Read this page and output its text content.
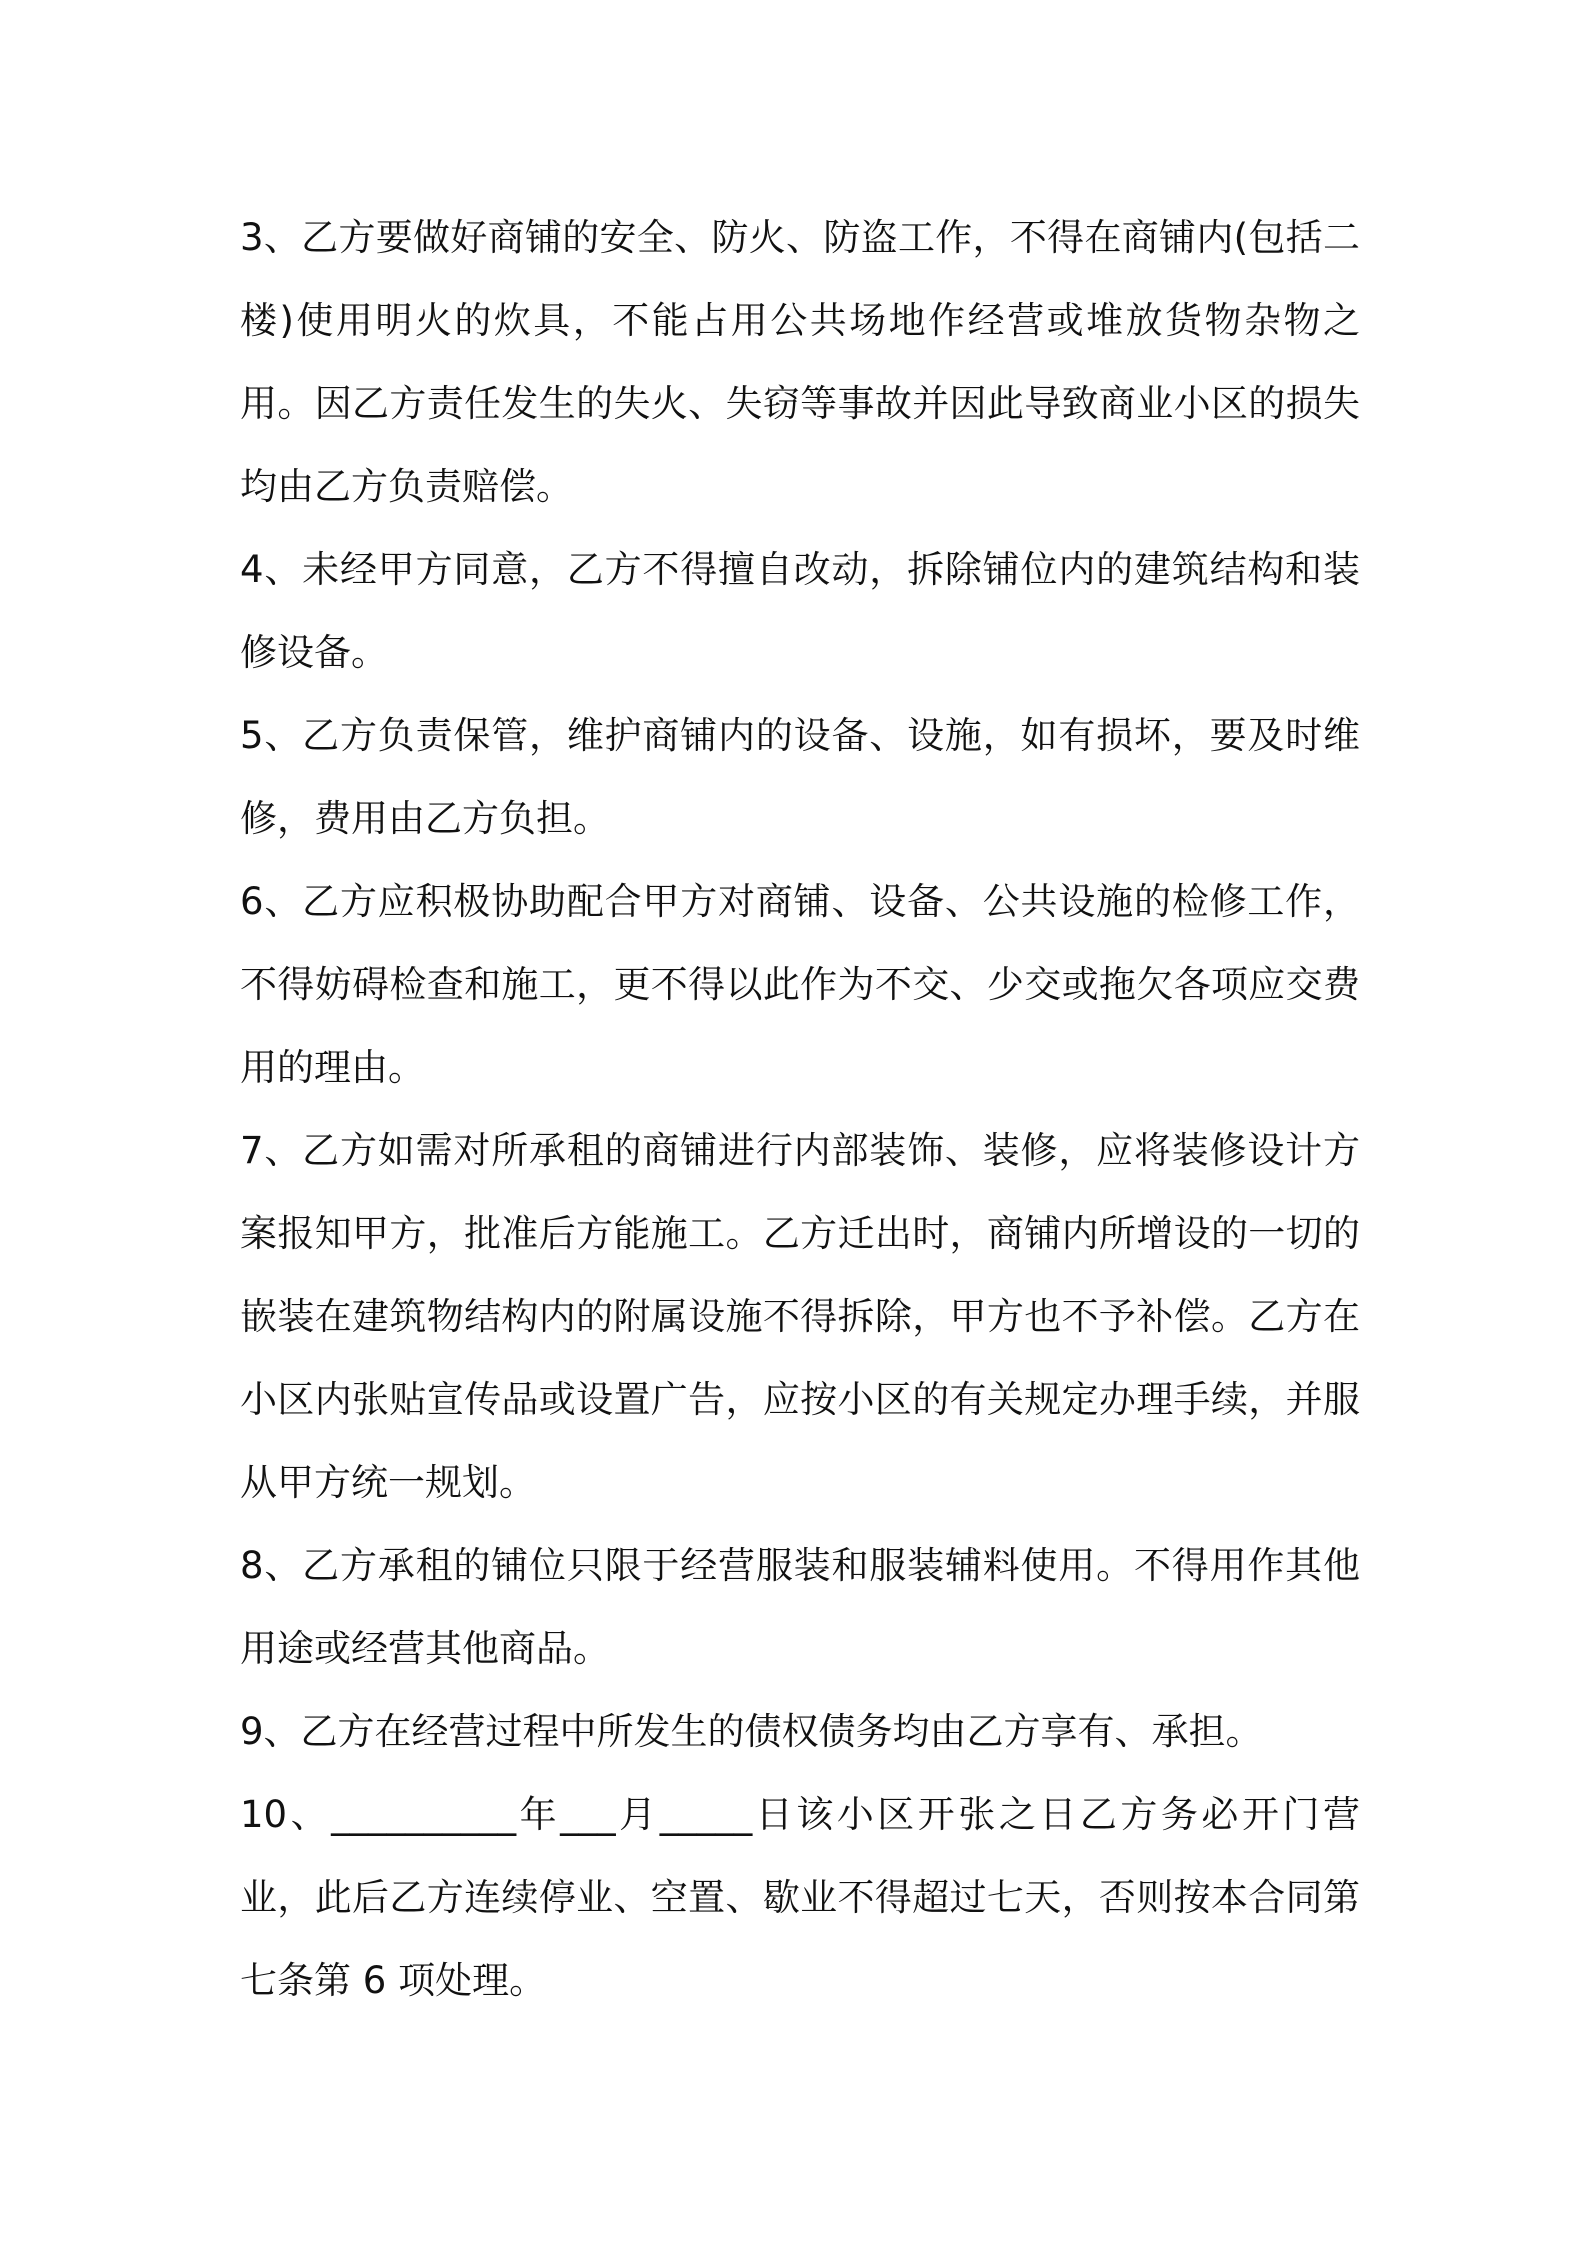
3、乙方要做好商铺的安全、防火、防盗工作，不得在商铺内(包括二楼)使用明火的炊具，不能占用公共场地作经营或堆放货物杂物之用。因乙方责任发生的失火、失窃等事故并因此导致商业小区的损失均由乙方负责赔偿。

4、未经甲方同意，乙方不得擅自改动，拆除铺位内的建筑结构和装修设备。

5、乙方负责保管，维护商铺内的设备、设施，如有损坏，要及时维修，费用由乙方负担。

6、乙方应积极协助配合甲方对商铺、设备、公共设施的检修工作，不得妨碍检查和施工，更不得以此作为不交、少交或拖欠各项应交费用的理由。

7、乙方如需对所承租的商铺进行内部装饰、装修，应将装修设计方案报知甲方，批准后方能施工。乙方迁出时，商铺内所增设的一切的嵌装在建筑物结构内的附属设施不得拆除，甲方也不予补偿。乙方在小区内张贴宣传品或设置广告，应按小区的有关规定办理手续，并服从甲方统一规划。

8、乙方承租的铺位只限于经营服装和服装辅料使用。不得用作其他用途或经营其他商品。

9、乙方在经营过程中所发生的债权债务均由乙方享有、承担。

10、__________年___月_____日该小区开张之日乙方务必开门营业，此后乙方连续停业、空置、歇业不得超过七天，否则按本合同第七条第 6 项处理。
